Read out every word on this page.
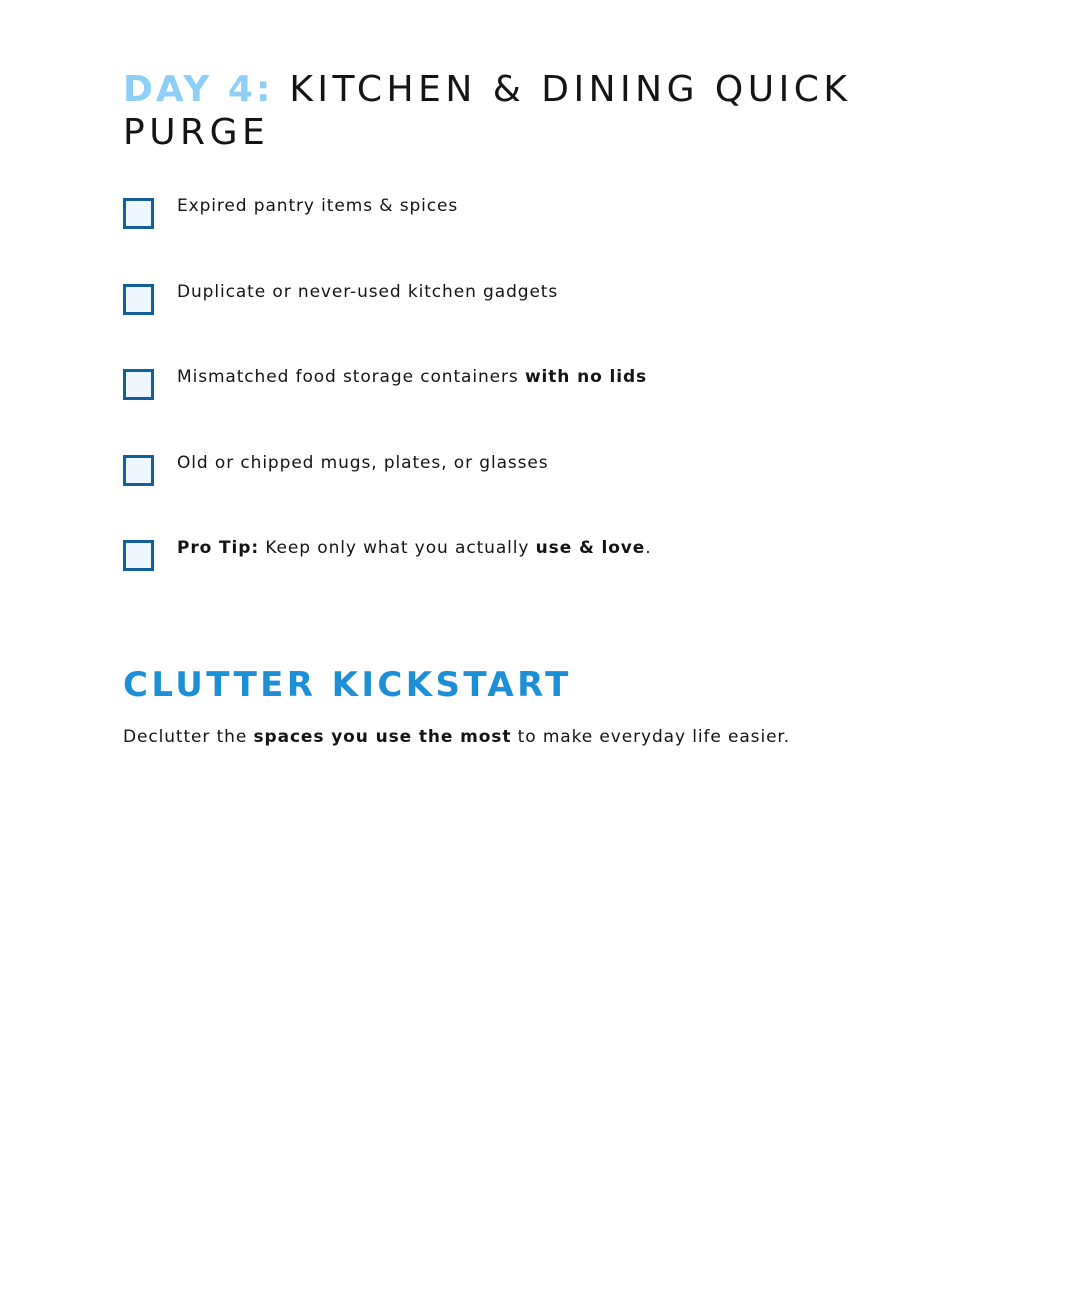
DAY 4: KITCHEN & DINING QUICK PURGE
Expired pantry items & spices
Duplicate or never-used kitchen gadgets
Mismatched food storage containers with no lids
Old or chipped mugs, plates, or glasses
Pro Tip: Keep only what you actually use & love.
CLUTTER KICKSTART

Declutter the spaces you use the most to make everyday life easier.
